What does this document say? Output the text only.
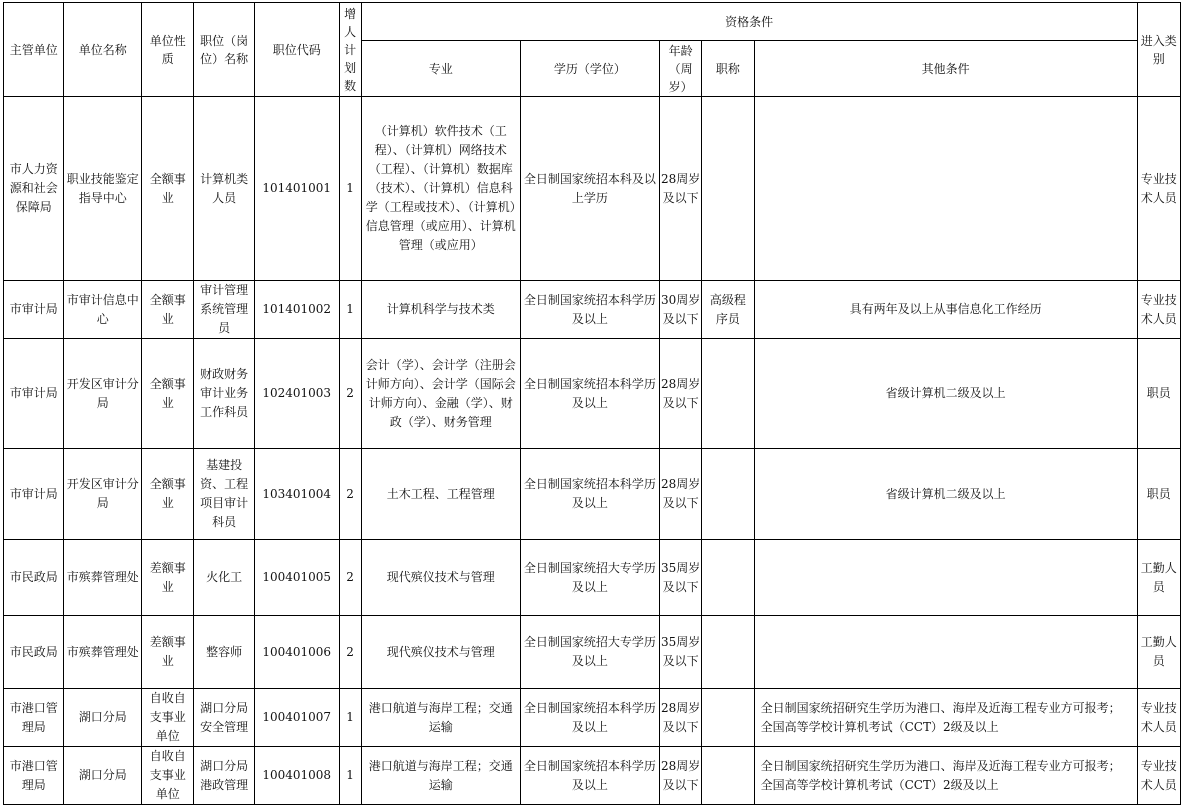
主管单位	单位名称	单位性质	职位（岗位）名称	职位代码	增人计划数	资格条件					进入类别
						专业	学历（学位）	年龄（周岁）	职称	其他条件	
市人力资源和社会保障局	职业技能鉴定指导中心	全额事业	计算机类人员	101401001	1	（计算机）软件技术（工程）、（计算机）网络技术（工程）、（计算机）数据库（技术）、（计算机）信息科学（工程或技术）、（计算机）信息管理（或应用）、计算机管理（或应用）	全日制国家统招本科及以上学历	28周岁及以下			专业技术人员
市审计局	市审计信息中心	全额事业	审计管理系统管理员	101401002	1	计算机科学与技术类	全日制国家统招本科学历及以上	30周岁及以下	高级程序员	具有两年及以上从事信息化工作经历	专业技术人员
市审计局	开发区审计分局	全额事业	财政财务审计业务工作科员	102401003	2	会计（学）、会计学（注册会计师方向）、会计学（国际会计师方向）、金融（学）、财政（学）、财务管理	全日制国家统招本科学历及以上	28周岁及以下		省级计算机二级及以上	职员
市审计局	开发区审计分局	全额事业	基建投资、工程项目审计科员	103401004	2	土木工程、工程管理	全日制国家统招本科学历及以上	28周岁及以下		省级计算机二级及以上	职员
市民政局	市殡葬管理处	差额事业	火化工	100401005	2	现代殡仪技术与管理	全日制国家统招大专学历及以上	35周岁及以下			工勤人员
市民政局	市殡葬管理处	差额事业	整容师	100401006	2	现代殡仪技术与管理	全日制国家统招大专学历及以上	35周岁及以下			工勤人员
市港口管理局	湖口分局	自收自支事业单位	湖口分局安全管理	100401007	1	港口航道与海岸工程；交通运输	全日制国家统招本科学历及以上	28周岁及以下		全日制国家统招研究生学历为港口、海岸及近海工程专业方可报考；全国高等学校计算机考试（CCT）2级及以上	专业技术人员
市港口管理局	湖口分局	自收自支事业单位	湖口分局港政管理	100401008	1	港口航道与海岸工程；交通运输	全日制国家统招本科学历及以上	28周岁及以下		全日制国家统招研究生学历为港口、海岸及近海工程专业方可报考；全国高等学校计算机考试（CCT）2级及以上	专业技术人员
